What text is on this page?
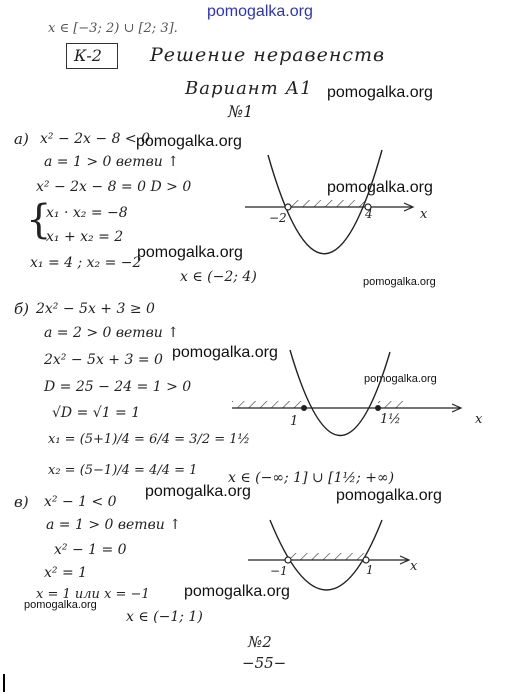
pomogalka.org
x ∈ [−3; 2) ∪ [2; 3].
К-2	Решение неравенств
Вариант А1 pomogalka.org
№1
а) x² − 2x − 8 < 0
pomogalka.org
a = 1 > 0 ветви ↑
x² − 2x − 8 = 0 D > 0	pomogalka.org
{
x₁ · x₂ = −8
x₁ + x₂ = 2
pomogalka.org
x₁ = 4 ; x₂ = −2
x ∈ (−2; 4)	pomogalka.org
−2	4	x
б) 2x² − 5x + 3 ≥ 0
a = 2 > 0 ветви ↑
pomogalka.org
2x² − 5x + 3 = 0
pomogalka.org
D = 25 − 24 = 1 > 0
√D = √1 = 1
x₁ = (5+1)/4 = 6/4 = 3/2 = 1½
x₂ = (5−1)/4 = 4/4 = 1 x ∈ (−∞; 1] ∪ [1½; +∞)
pomogalka.org	pomogalka.org
1	1½	x
в) x² − 1 < 0
a = 1 > 0 ветви ↑
x² − 1 = 0
x² = 1
pomogalka.org
x = 1 или x = −1
pomogalka.org
x ∈ (−1; 1)
−1	1	x
№2
−55−
